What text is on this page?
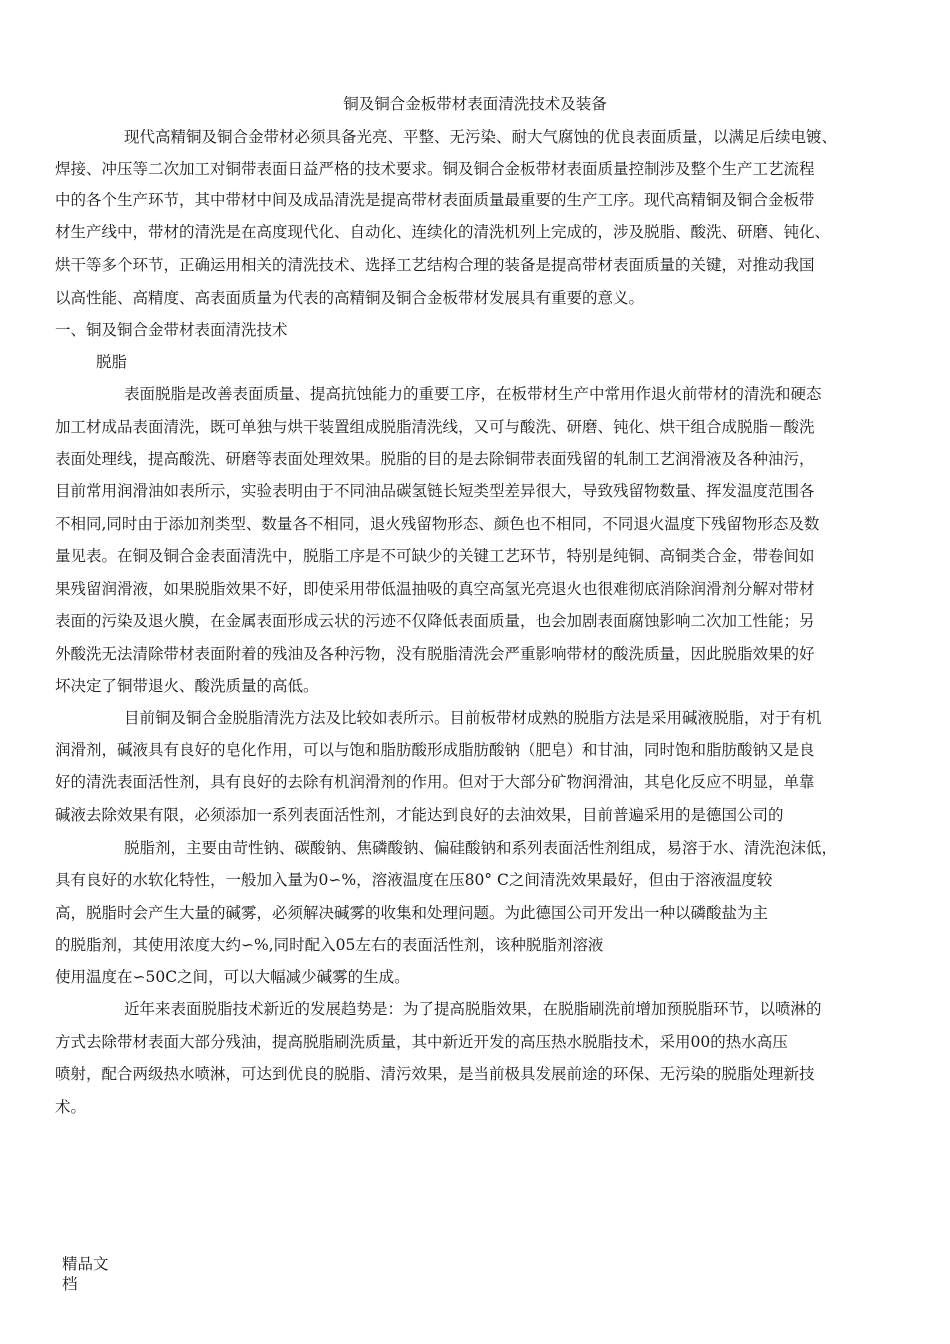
铜及铜合金板带材表面清洗技术及装备
现代高精铜及铜合金带材必须具备光亮、平整、无污染、耐大气腐蚀的优良表面质量，以满足后续电镀、
焊接、冲压等二次加工对铜带表面日益严格的技术要求。铜及铜合金板带材表面质量控制涉及整个生产工艺流程
中的各个生产环节，其中带材中间及成品清洗是提高带材表面质量最重要的生产工序。现代高精铜及铜合金板带
材生产线中，带材的清洗是在高度现代化、自动化、连续化的清洗机列上完成的，涉及脱脂、酸洗、研磨、钝化、
烘干等多个环节，正确运用相关的清洗技术、选择工艺结构合理的装备是提高带材表面质量的关键，对推动我国
以高性能、高精度、高表面质量为代表的高精铜及铜合金板带材发展具有重要的意义。
一、铜及铜合金带材表面清洗技术
脱脂
表面脱脂是改善表面质量、提高抗蚀能力的重要工序，在板带材生产中常用作退火前带材的清洗和硬态
加工材成品表面清洗，既可单独与烘干装置组成脱脂清洗线，又可与酸洗、研磨、钝化、烘干组合成脱脂－酸洗
表面处理线，提高酸洗、研磨等表面处理效果。脱脂的目的是去除铜带表面残留的轧制工艺润滑液及各种油污，
目前常用润滑油如表所示，实验表明由于不同油品碳氢链长短类型差异很大，导致残留物数量、挥发温度范围各
不相同,同时由于添加剂类型、数量各不相同，退火残留物形态、颜色也不相同，不同退火温度下残留物形态及数
量见表。在铜及铜合金表面清洗中，脱脂工序是不可缺少的关键工艺环节，特别是纯铜、高铜类合金，带卷间如
果残留润滑液，如果脱脂效果不好，即使采用带低温抽吸的真空高氢光亮退火也很难彻底消除润滑剂分解对带材
表面的污染及退火膜，在金属表面形成云状的污迹不仅降低表面质量，也会加剧表面腐蚀影响二次加工性能；另
外酸洗无法清除带材表面附着的残油及各种污物，没有脱脂清洗会严重影响带材的酸洗质量，因此脱脂效果的好
坏决定了铜带退火、酸洗质量的高低。
目前铜及铜合金脱脂清洗方法及比较如表所示。目前板带材成熟的脱脂方法是采用碱液脱脂，对于有机
润滑剂，碱液具有良好的皂化作用，可以与饱和脂肪酸形成脂肪酸钠（肥皂）和甘油，同时饱和脂肪酸钠又是良
好的清洗表面活性剂，具有良好的去除有机润滑剂的作用。但对于大部分矿物润滑油，其皂化反应不明显，单靠
碱液去除效果有限，必须添加一系列表面活性剂，才能达到良好的去油效果，目前普遍采用的是德国公司的
脱脂剂，主要由苛性钠、碳酸钠、焦磷酸钠、偏硅酸钠和系列表面活性剂组成，易溶于水、清洗泡沫低，
具有良好的水软化特性，一般加入量为0∽%，溶液温度在压80° C之间清洗效果最好，但由于溶液温度较
高，脱脂时会产生大量的碱雾，必须解决碱雾的收集和处理问题。为此德国公司开发出一种以磷酸盐为主
的脱脂剂，其使用浓度大约∽%,同时配入05左右的表面活性剂，该种脱脂剂溶液
使用温度在∽50C之间，可以大幅减少碱雾的生成。
近年来表面脱脂技术新近的发展趋势是：为了提高脱脂效果，在脱脂刷洗前增加预脱脂环节，以喷淋的
方式去除带材表面大部分残油，提高脱脂刷洗质量，其中新近开发的高压热水脱脂技术，采用00的热水高压
喷射，配合两级热水喷淋，可达到优良的脱脂、清污效果，是当前极具发展前途的环保、无污染的脱脂处理新技
术。
精品文
档
